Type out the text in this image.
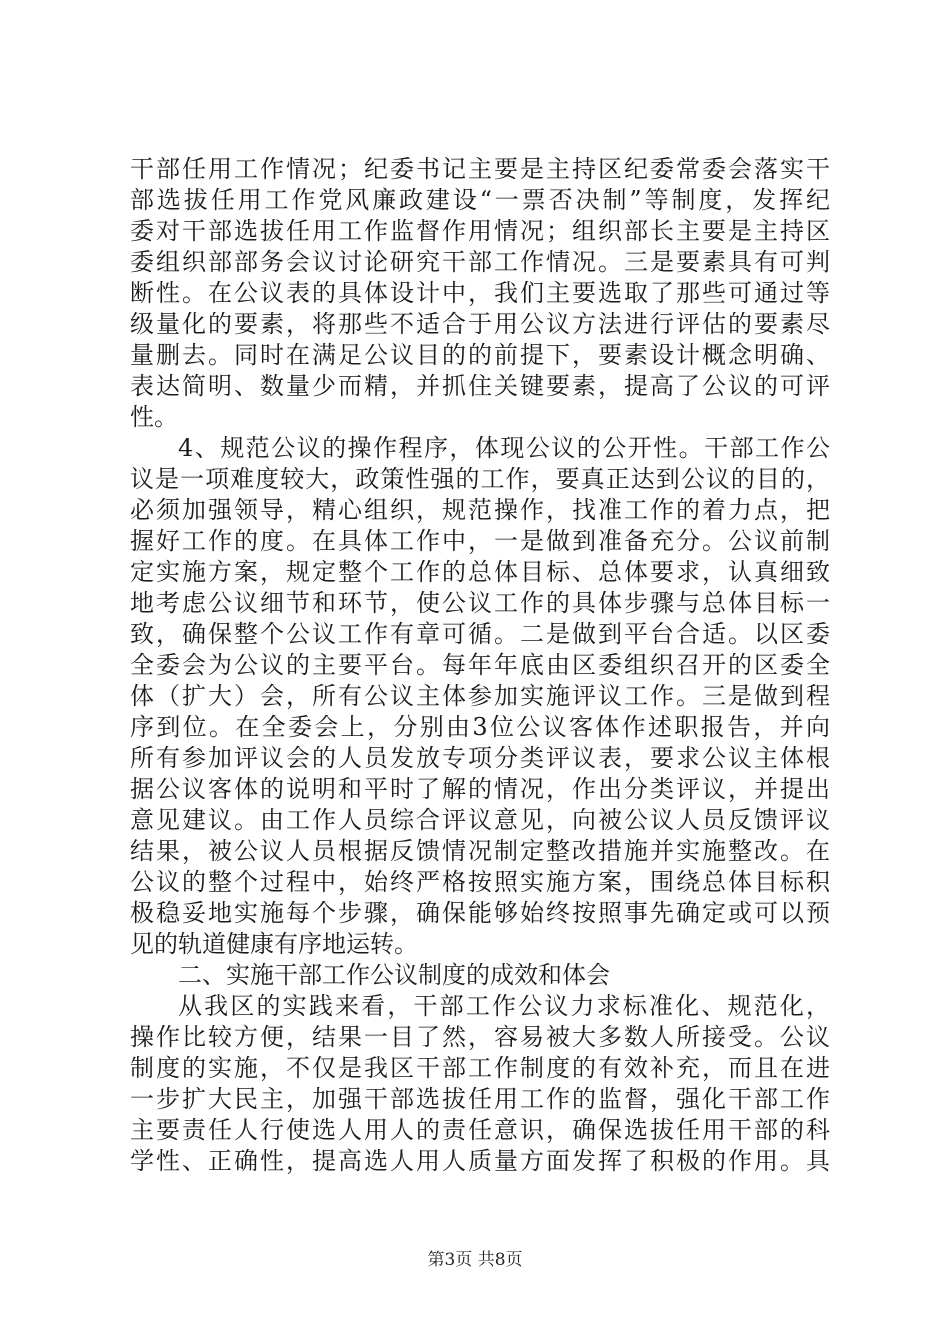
干部任用工作情况；纪委书记主要是主持区纪委常委会落实干
部选拔任用工作党风廉政建设“一票否决制”等制度，发挥纪
委对干部选拔任用工作监督作用情况；组织部长主要是主持区
委组织部部务会议讨论研究干部工作情况。三是要素具有可判
断性。在公议表的具体设计中，我们主要选取了那些可通过等
级量化的要素，将那些不适合于用公议方法进行评估的要素尽
量删去。同时在满足公议目的的前提下，要素设计概念明确、
表达简明、数量少而精，并抓住关键要素，提高了公议的可评
性。
4、规范公议的操作程序，体现公议的公开性。干部工作公
议是一项难度较大，政策性强的工作，要真正达到公议的目的，
必须加强领导，精心组织，规范操作，找准工作的着力点，把
握好工作的度。在具体工作中，一是做到准备充分。公议前制
定实施方案，规定整个工作的总体目标、总体要求，认真细致
地考虑公议细节和环节，使公议工作的具体步骤与总体目标一
致，确保整个公议工作有章可循。二是做到平台合适。以区委
全委会为公议的主要平台。每年年底由区委组织召开的区委全
体（扩大）会，所有公议主体参加实施评议工作。三是做到程
序到位。在全委会上，分别由3位公议客体作述职报告，并向
所有参加评议会的人员发放专项分类评议表，要求公议主体根
据公议客体的说明和平时了解的情况，作出分类评议，并提出
意见建议。由工作人员综合评议意见，向被公议人员反馈评议
结果，被公议人员根据反馈情况制定整改措施并实施整改。在
公议的整个过程中，始终严格按照实施方案，围绕总体目标积
极稳妥地实施每个步骤，确保能够始终按照事先确定或可以预
见的轨道健康有序地运转。
二、实施干部工作公议制度的成效和体会
从我区的实践来看，干部工作公议力求标准化、规范化，
操作比较方便，结果一目了然，容易被大多数人所接受。公议
制度的实施，不仅是我区干部工作制度的有效补充，而且在进
一步扩大民主，加强干部选拔任用工作的监督，强化干部工作
主要责任人行使选人用人的责任意识，确保选拔任用干部的科
学性、正确性，提高选人用人质量方面发挥了积极的作用。具
第3页 共8页
